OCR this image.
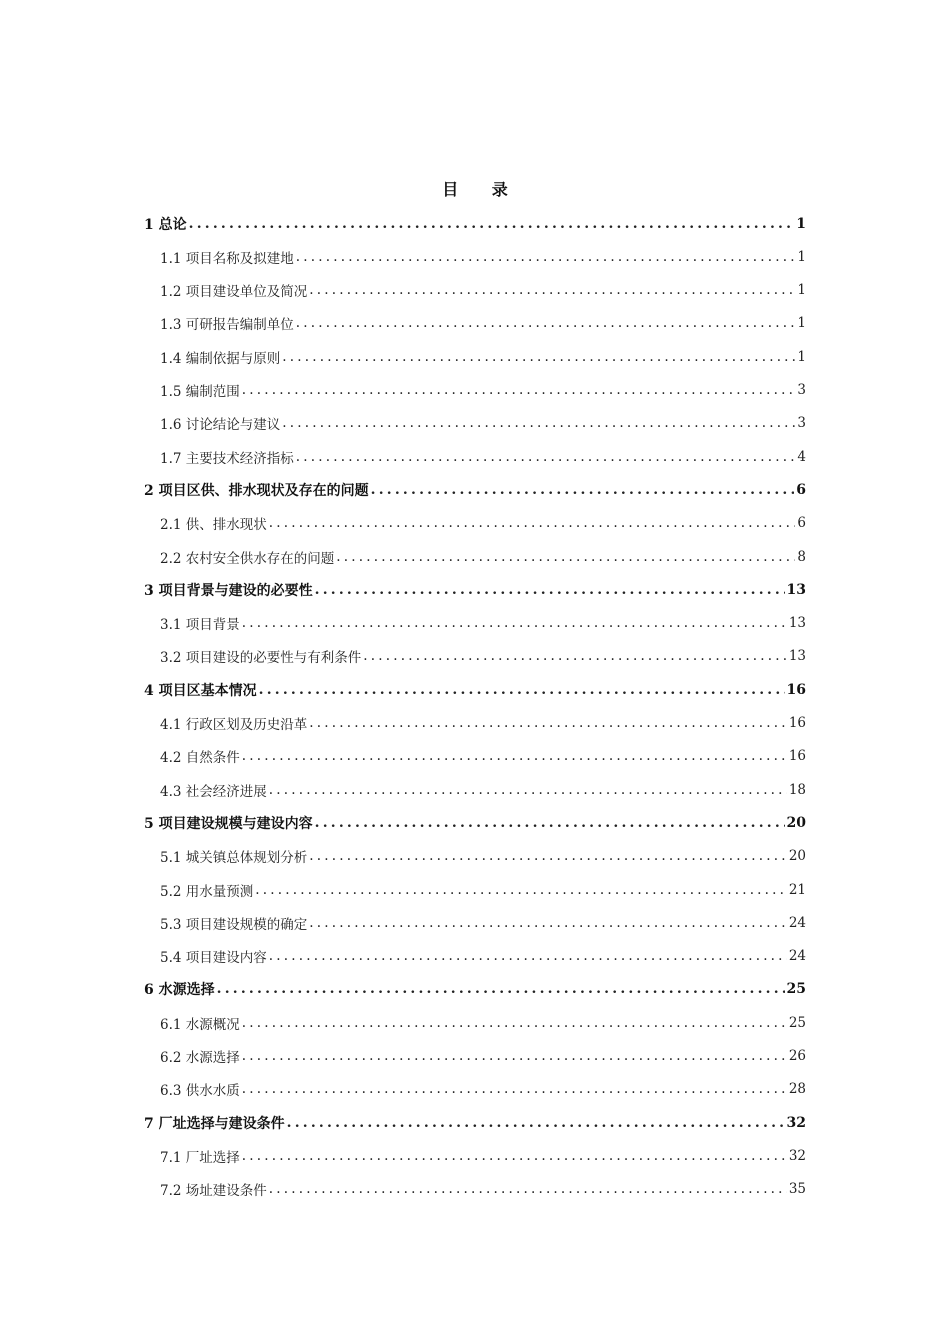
目 录
1 总论 .....	1
1.1 项目名称及拟建地 .....	1
1.2 项目建设单位及简况 .....	1
1.3 可研报告编制单位 .....	1
1.4 编制依据与原则 .....	1
1.5 编制范围 .....	3
1.6 讨论结论与建议 .....	3
1.7 主要技术经济指标 .....	4
2 项目区供、排水现状及存在的问题 .....	6
2.1 供、排水现状 .....	6
2.2 农村安全供水存在的问题 .....	8
3 项目背景与建设的必要性 .....	13
3.1 项目背景 .....	13
3.2 项目建设的必要性与有利条件 .....	13
4 项目区基本情况 .....	16
4.1 行政区划及历史沿革 .....	16
4.2 自然条件 .....	16
4.3 社会经济进展 .....	18
5 项目建设规模与建设内容 .....	20
5.1 城关镇总体规划分析 .....	20
5.2 用水量预测 .....	21
5.3 项目建设规模的确定 .....	24
5.4 项目建设内容 .....	24
6 水源选择 .....	25
6.1 水源概况 .....	25
6.2 水源选择 .....	26
6.3 供水水质 .....	28
7 厂址选择与建设条件 .....	32
7.1 厂址选择 .....	32
7.2 场址建设条件 .....	35
